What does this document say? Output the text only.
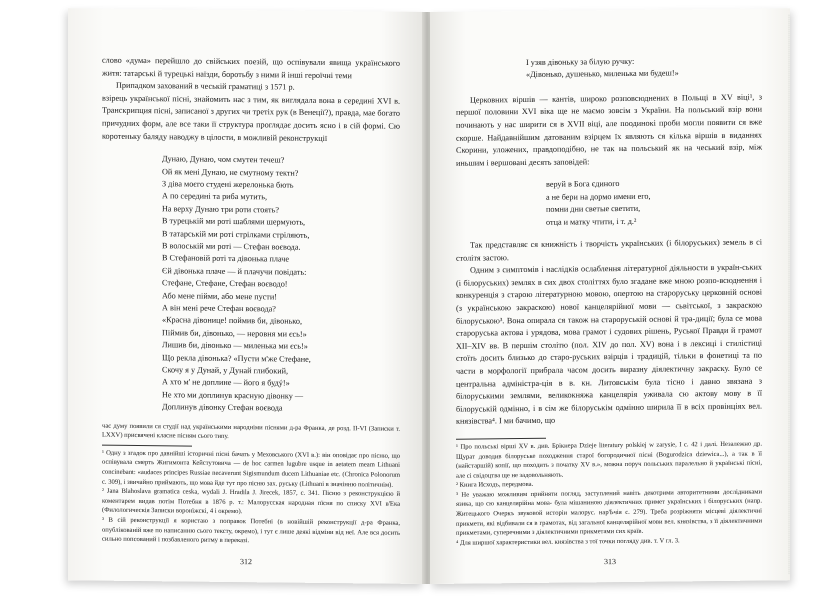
слово «дума» перейшло до свійських поезій, що оспівували явища українського житя: татарські й турецькі наїзди, боротьбу з ними й інші героїчні теми

Припадком захований в чеській граматиці з 1571 р.

взірець української пісні, знайомить нас з тим, як виглядала вона в середині XVI в. Транскрипция пісні, записаної з других чи третіх рук (в Венеції?), правда, мае богато причудних форм, але все таки її структура проглядає досить ясно і в сій формі. Сю коротеньку баляду наводжу в цілости, в можливій реконструкції

Дунаю, Дунаю, чом смутен течеш?

Ой як мені Дунаю, не смутному тектн?

З діва моєго студені жерелонька бють

А по середині та риба мутить,

На верху Дунаю три роти стоять?

В турецькій ми роті шаблями шермують,

В татарській ми роті стрілками стріляють,

В волоській ми роті — Стефан воєвода.

В Стефановій роті та дівонька плаче

Єй дівонька плаче — й плачучи повідать:

Стефане, Стефане, Стефан воєводо!

Або мене пійми, або мене пусти!

А він мені рече Стефан воєвода?

«Красна дівонице! поймив би, дівонько,

Піймив би, дівонько, — неровня ми єсь!»

Лишив би, дівонько — миленька ми єсь!»

Що рекла дівонька? «Пусти м'же Стефане,

Скочу я у Дунай, у Дунай глибокий,

А хто м' не доплине — його я будý!»

Не хто ми доплинув красную дівонку —

Доплинув дівонку Стефан воєвода

час думу появили ся студії над українськими народніми піснями д-ра Франка, де розд. II-VI (Записки т. LXXV) присвячені класне пісням сього типу.

¹ Одну з згадок про давнійші історичні пісні бачать у Меховського (XVI в.): він оповідає про пісню, що оспівувала смерть Жигимонта Кейстутовича — de hoc carmen lugubre usque in aetatem meam Lithuani concinebant: «audaces principes Russiae necaverunt Sigismundum ducem Lithuaniae etc. (Chronica Polonorum c. 309), і звичайно приймають, що мова йде тут про пісню зах. руську (Lithuani в значінню політичнім).

² Jana Blahoslava gramatica ceska, wydali J. Hradila J. Jirecek, 1857, с. 341. Пісню з реконструкцією й коментарем видав потім Потебня в 1876 р. т.: Малорусская народная пїсня по списку XVI в'Ека (Филологическія Записки воронїжскі, 4 і окремо).

³ В сій реконструкції я користаю з поправок Потебні (в новійшій реконструкції д-ра Франка, опублікованій вже по написанню сього тексту, окремо), і тут є лише деякі відміни від неї. Але вся досить сильно попсований і позбавленого ритму в переказі.

312

І узяв дівоньку за білую ручку:

«Дівонько, душенько, миленька ми будеш!»

Церковних віршів — кантів, широко розповсюднених в Польщі в XV віці¹, з першої половини XVI віка ще не маємо зовсім з України. На польський взір вони починають у нас ширити ся в XVII віці, але поодинокі проби могли появити ся вже скорше. Найдавнійшим датованим взірцем їх являють ся кілька віршів в виданнях Скорини, уложених, правдоподібно, не так на польський як на чеський взір, між иньшим і вершовані десять заповідей:

веруй в Бога єдиного

а не бери на дормо имени его,

помни дни светые светити,

отца и матку чтити, і т. д.²

Так представляє ся книжність і творчість українських (і білоруських) земель в сі столітя застою.

Одним з симптомів і наслідків ослаблення літературної діяльности в україн-ських (і білоруських) землях в сих двох століттях було згадане вже мною розпо-всюднення і конкуренція з старою літературною мовою, опертою на староруську церковній основі (з українською закраскою) нової канцелярійної мови — сьвітської, з закраскою білоруською³. Вона опирала ся також на староруській основі й тра-диції; була се мова староруська актова і урядова, мова грамот і судових рішень, Руської Правди й грамот XII–XIV вв. В першім столітю (пол. XIV до пол. XV) вона і в лексиці і стилістиці стоїть досить близько до старо-руських взірців і традицій, тільки в фонетиці та по части в морфології прибрала часом досить виразну діялектичну закраску. Було се центральна адміністра-ція в в. кн. Литовськім була тісно і давно звязана з білоруськими землями, великокняжа канцелярія уживала сю актову мову в її білоруській одмінно, і в сім же білоруськім одмінно ширила її в всіх провінціях вел. князівства⁴. І ми бачимо, що

¹ Про польські вірші XV в. див. Брікнера Dzieje literatury polskiej w zarysie, І с. 42 і далі. Незалежно др. Щурат доводив білоруське походження старої богородичної пісні (Bogurodzica dziewica...), а так в її (найстаршій) копії, що походить з початку XV в.», можна поруч польських паралельно й українські пісні, але сі свідоцтва ще не задовольняють.

² Книга Исходъ, передмова.

³ Не уважаю можливим прийняти погляд, заступлений навіть декотрими авторитетними дослідниками язика, що сю канцелярійна мова- була мішаниною діялектичних примет українських і білоруських (напр. Житецького Очеркъ звуковой исторіи малорус. нар'Ьчія с. 279). Треба розріжняти місцеві діялектичні прикмети, які відбивали ся в грамотах, від загальної канцелярійної мови вел. князівства, з її діялектичними прикметами, суперечними з діялектичними прикметами сих країв.

⁴ Для ширшої характеристики вел. князівства з тої точки погляду див. т. V гл. 3.

313
